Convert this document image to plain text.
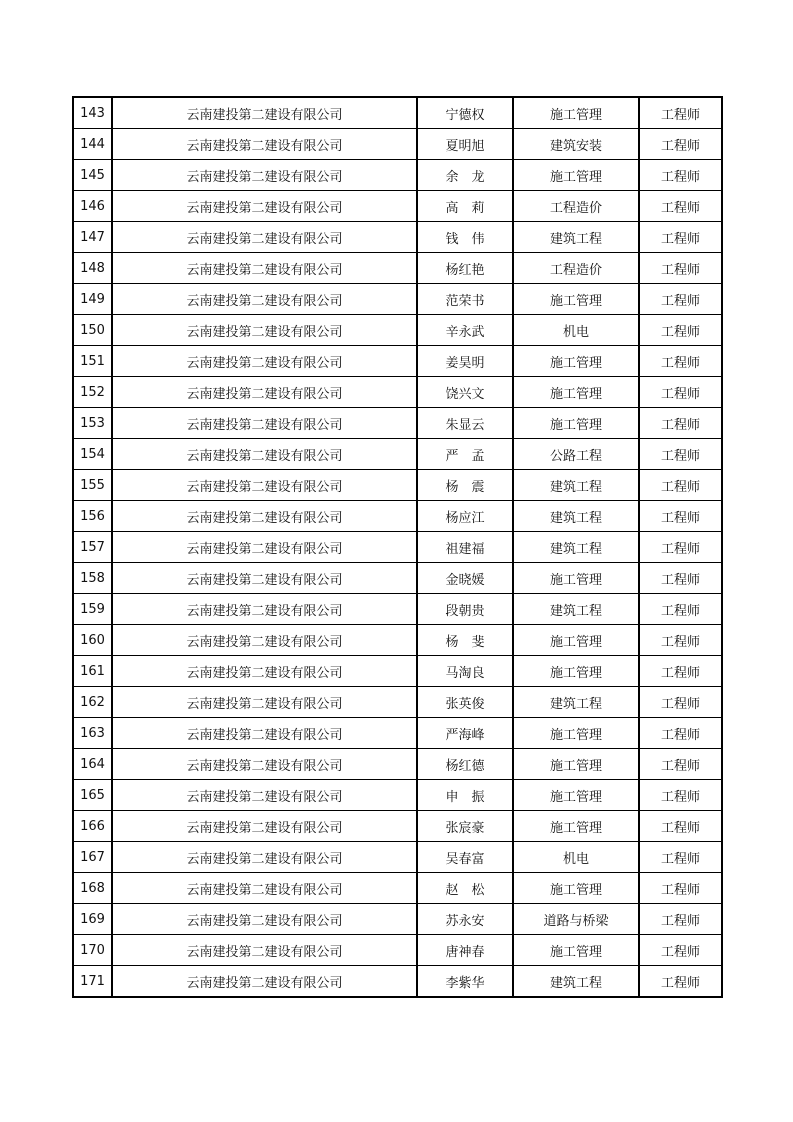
143	云南建投第二建设有限公司	宁德权	施工管理	工程师
144	云南建投第二建设有限公司	夏明旭	建筑安装	工程师
145	云南建投第二建设有限公司	余　龙	施工管理	工程师
146	云南建投第二建设有限公司	高　莉	工程造价	工程师
147	云南建投第二建设有限公司	钱　伟	建筑工程	工程师
148	云南建投第二建设有限公司	杨红艳	工程造价	工程师
149	云南建投第二建设有限公司	范荣书	施工管理	工程师
150	云南建投第二建设有限公司	辛永武	机电	工程师
151	云南建投第二建设有限公司	姜昊明	施工管理	工程师
152	云南建投第二建设有限公司	饶兴文	施工管理	工程师
153	云南建投第二建设有限公司	朱显云	施工管理	工程师
154	云南建投第二建设有限公司	严　孟	公路工程	工程师
155	云南建投第二建设有限公司	杨　震	建筑工程	工程师
156	云南建投第二建设有限公司	杨应江	建筑工程	工程师
157	云南建投第二建设有限公司	祖建福	建筑工程	工程师
158	云南建投第二建设有限公司	金晓媛	施工管理	工程师
159	云南建投第二建设有限公司	段朝贵	建筑工程	工程师
160	云南建投第二建设有限公司	杨　斐	施工管理	工程师
161	云南建投第二建设有限公司	马淘良	施工管理	工程师
162	云南建投第二建设有限公司	张英俊	建筑工程	工程师
163	云南建投第二建设有限公司	严海峰	施工管理	工程师
164	云南建投第二建设有限公司	杨红德	施工管理	工程师
165	云南建投第二建设有限公司	申　振	施工管理	工程师
166	云南建投第二建设有限公司	张宸豪	施工管理	工程师
167	云南建投第二建设有限公司	吴春富	机电	工程师
168	云南建投第二建设有限公司	赵　松	施工管理	工程师
169	云南建投第二建设有限公司	苏永安	道路与桥梁	工程师
170	云南建投第二建设有限公司	唐神春	施工管理	工程师
171	云南建投第二建设有限公司	李紫华	建筑工程	工程师
